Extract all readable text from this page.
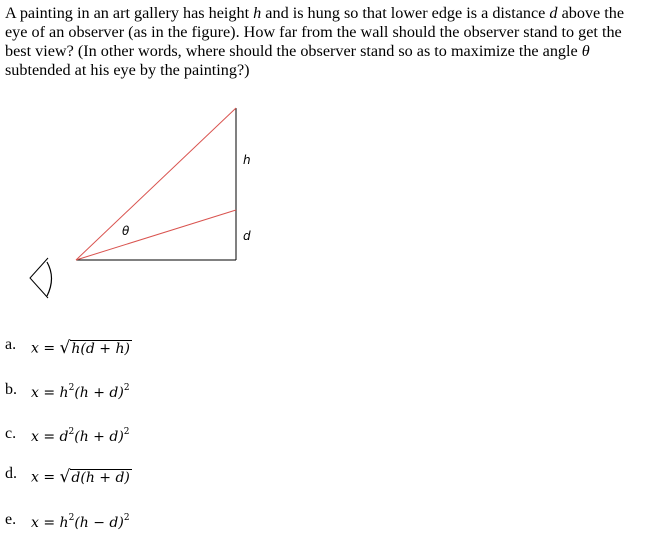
A painting in an art gallery has height h and is hung so that lower edge is a distance d above the eye of an observer (as in the figure). How far from the wall should the observer stand to get the best view? (In other words, where should the observer stand so as to maximize the angle θ subtended at his eye by the painting?)

h
d
θ
a. x = √h(d + h)
b. $x = h^2(h + d)^2$
c. $x = d^2(h + d)^2$
d. x = √d(h + d)
e. $x = h^2(h - d)^2$
